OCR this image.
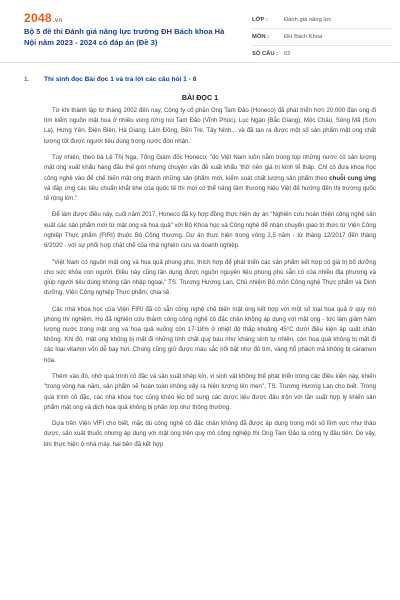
2048.vn
Bộ 5 đề thi Đánh giá năng lực trường ĐH Bách khoa Hà Nội năm 2023 - 2024 có đáp án (Đề 3)
LỚP :	Đánh giá năng lực
MÔN :	ĐH Bách Khoa
SỐ CÂU :	62
1.	Thí sinh đọc Bài đọc 1 và trả lời các câu hỏi 1 - 8
BÀI ĐỌC 1

Từ khi thành lập từ tháng 2002 đến nay, Công ty cổ phần Ong Tam Đảo (Honeco) đã phát triển hơn 20.000 đàn ong đi tìm kiếm nguồn mật hoa ở nhiều vùng rừng núi Tam Đảo (Vĩnh Phúc), Lục Ngạn (Bắc Giang), Mộc Châu, Sông Mã (Sơn La), Hưng Yên, Điện Biên, Hà Giang, Lâm Đồng, Bến Tre, Tây Ninh... và đã tạo ra được một số sản phẩm mật ong chất lượng tốt được người tiêu dùng trong nước đón nhận.

Tuy nhiên, theo bà Lê Thị Nga, Tổng Giám đốc Honeco, "do Việt Nam luôn nằm trong top những nước có sản lượng mật ong xuất khẩu hàng đầu thế giới nhưng chuyện vấn đề xuất khẩu 'thô' nên giá trị kinh tế thấp. Chỉ có đưa khoa học công nghệ vào để chế biến mật ong thành những sản phẩm mới, kiểm soát chất lượng sản phẩm theo chuỗi cung ứng và đáp ứng các tiêu chuẩn khắt khe của quốc tế thì mới có thể nâng tầm thương hiệu Việt để hướng đến thị trường quốc tế rộng lớn."

Để làm được điều này, cuối năm 2017, Honeco đã ký hợp đồng thực hiện dự án "Nghiên cứu hoàn thiện công nghệ sản xuất các sản phẩm mới từ mật ong và hoa quả" với Bộ Khoa học và Công nghệ để nhận chuyển giao tri thức từ Viện Công nghiệp Thực phẩm (FIRI) thuộc Bộ Công thương. Dự án thực hiện trong vòng 2,5 năm - từ tháng 12/2017 đến tháng 6/2020 - với sự phối hợp chặt chẽ của nhà nghiên cứu và doanh nghiệp.

"Việt Nam có nguồn mật ong và hoa quả phong phú, thích hợp để phát triển các sản phẩm kết hợp có giá trị bổ dưỡng cho sức khỏe con người. Điều này cũng tận dụng được nguồn nguyên liệu phong phú sẵn có của nhiều địa phương và giúp người tiêu dùng không cần nhập ngoại," TS. Trương Hương Lan, Chủ nhiệm Bộ môn Công nghệ Thực phẩm và Dinh dưỡng, Viện Công nghiệp Thực phẩm, chia sẻ.

Các nhà khoa học của Viện FIRI đã có sẵn công nghệ chế biến mật ong kết hợp với một số loại hoa quả ở quy mô phòng thí nghiệm. Họ đã nghiên cứu thành công công nghệ cô đặc chân không áp dụng với mật ong - tức làm giảm hàm lượng nước trong mật ong và hoa quả xuống còn 17-18% ở nhiệt độ thấp khoảng 45°C dưới điều kiện áp suất chân không. Khi đó, mật ong không bị mất đi những tính chất quý báu như kháng sinh tự nhiên, còn hoa quả không bị mất đi các loại vitamin vốn dễ bay hơi. Chúng cũng giữ được màu sắc nổi bật như đỏ tím, vàng hổ phách mà không bị caramen hóa.

Thêm vào đó, nhờ quá trình cô đặc và sản xuất khép kín, vi sinh vật không thể phát triển trong các điều kiện này, khiến "trong vòng hai năm, sản phẩm sẽ hoàn toàn không xảy ra hiện tượng lên men", TS. Trương Hương Lan cho biết. Trong quá trình cô đặc, các nhà khoa học cũng khéo léo bổ sung các dược liệu được đảo trộn với tần suất hợp lý khiến sản phẩm mật ong và dịch hoa quả không bị phân lớp như thông thường.

Dựa trên Viện VIFI cho biết, mặc dù công nghệ cô đặc chân không đã được áp dụng trong một số lĩnh vực như thảo dược, sản xuất thuốc nhưng áp dụng với mật ong trên quy mô công nghiệp thì Ong Tam Đảo là công ty đầu tiên. Do vậy, khi thực hiện ở nhà máy, hai bên đã kết hợp
